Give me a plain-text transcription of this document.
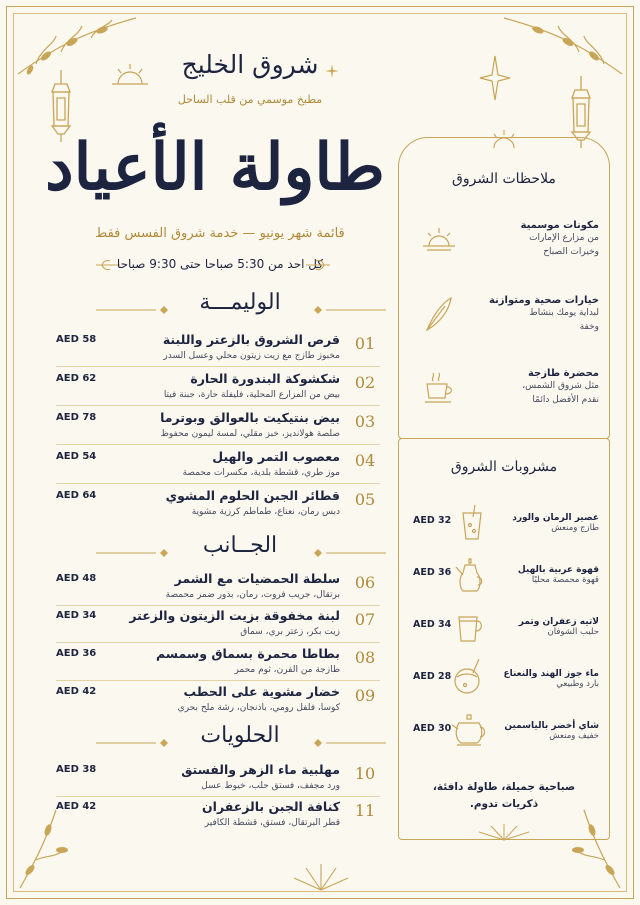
شروق الخليج
مطبخ موسمي من قلب الساحل
طاولة الأعياد
قائمة شهر يونيو — خدمة شروق الفسس فقط
كل احد من 5:30 صباحا حتى 9:30 صباحا
الوليمـــة
01
قرص الشروق بالزعتر واللبنة
مخبوز طازج مع زيت زيتون محلي وعسل السدر
AED 58
02
شكشوكة البندورة الحارة
بيض من المزارع المحلية، فليفلة حارة، جبنة فيتا
AED 62
03
بيض بنتيكيت بالعوالق وبوترما
صلصة هولانديز، خبز مقلي، لمسة ليمون محفوظ
AED 78
04
معصوب التمر والهيل
موز طري، قشطة بلدية، مكسرات محمصة
AED 54
05
قطائر الجبن الحلوم المشوي
دبس رمان، نعناع، طماطم كرزية مشوية
AED 64
الجــانب
06
سلطة الحمضيات مع الشمر
برتقال، جريب فروت، رمان، بذور ضمر محمصة
AED 48
07
لبنة مخفوقة بزيت الزيتون والزعتر
زيت بكر، زعتر بري، سماق
AED 34
08
بطاطا محمرة بسماق وسمسم
طازجة من الفرن، ثوم محمر
AED 36
09
خضار مشوية على الحطب
كوسا، فلفل رومي، باذنجان، رشة ملح بحري
AED 42
الحلويات
10
مهلبية ماء الزهر والفستق
ورد مجفف، فستق حلب، خيوط عسل
AED 38
11
كنافة الجبن بالزعفران
قطر البرتقال، فستق، قشطة الكافير
AED 42
ملاحظات الشروق
مكونات موسمية
من مزارع الإمارات
وخيرات الصباح
خيارات صحية ومتوازنة
لبداية يومك بنشاط
وخفة
محضرة طازجة
مثل شروق الشمس،
نقدم الأفضل دائمًا
مشروبات الشروق
AED 32	عصير الرمان والورد
طازج ومنعش
AED 36	قهوة عربية بالهيل
قهوة محمصة محليًا
AED 34	لاتيه زعفران وتمر
حليب الشوفان
AED 28	ماء جوز الهند والنعناع
بارد وطبيعي
AED 30	شاي أخضر بالياسمين
خفيف ومنعش
صباحية جميلة، طاولة دافئة،
ذكريات تدوم.
